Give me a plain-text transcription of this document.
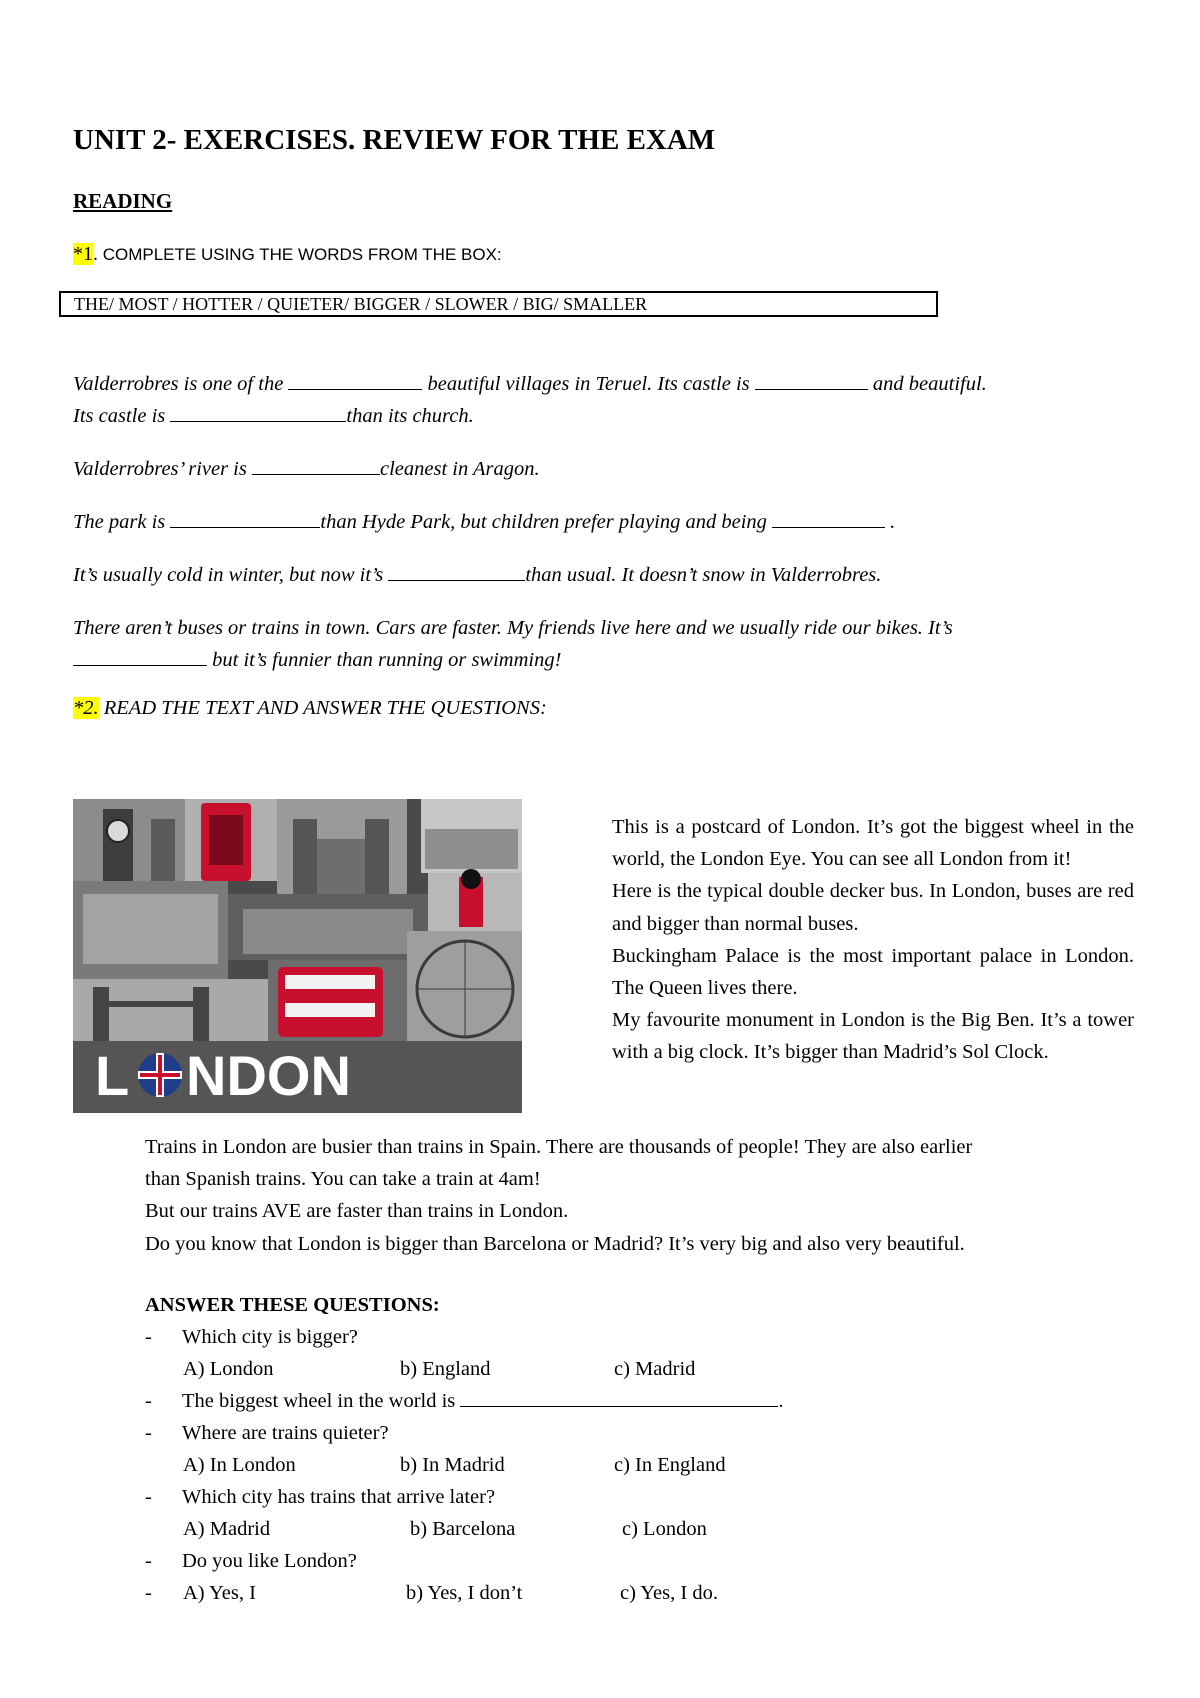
UNIT 2- EXERCISES. REVIEW FOR THE EXAM
READING
*1. COMPLETE USING THE WORDS FROM THE BOX:
THE/ MOST / HOTTER / QUIETER/ BIGGER / SLOWER / BIG/ SMALLER
Valderrobres is one of the	beautiful villages in Teruel. Its castle is	and beautiful.
Its castle is	than its church.
Valderrobres’ river is	cleanest in Aragon.
The park is	than Hyde Park, but children prefer playing and being	.
It’s usually cold in winter, but now it’s	than usual. It doesn’t snow in Valderrobres.
There aren’t buses or trains in town. Cars are faster. My friends live here and we usually ride our bikes. It’s
but it’s funnier than running or swimming!
*2. READ THE TEXT AND ANSWER THE QUESTIONS:
L NDON

This is a postcard of London. It’s got the biggest wheel in the world, the London Eye. You can see all London from it!

Here is the typical double decker bus. In London, buses are red and bigger than normal buses.

Buckingham Palace is the most important palace in London. The Queen lives there.

My favourite monument in London is the Big Ben. It’s a tower with a big clock. It’s bigger than Madrid’s Sol Clock.

Trains in London are busier than trains in Spain. There are thousands of people! They are also earlier

than Spanish trains. You can take a train at 4am!

But our trains AVE are faster than trains in London.

Do you know that London is bigger than Barcelona or Madrid? It’s very big and also very beautiful.

ANSWER THESE QUESTIONS:
- Which city is bigger?
A) London	b) England	c) Madrid
- The biggest wheel in the world is	.
- Where are trains quieter?
A) In London	b) In Madrid	c) In England
- Which city has trains that arrive later?
A) Madrid	b) Barcelona	c) London
- Do you like London?
- A) Yes, I	b) Yes, I don’t	c) Yes, I do.
